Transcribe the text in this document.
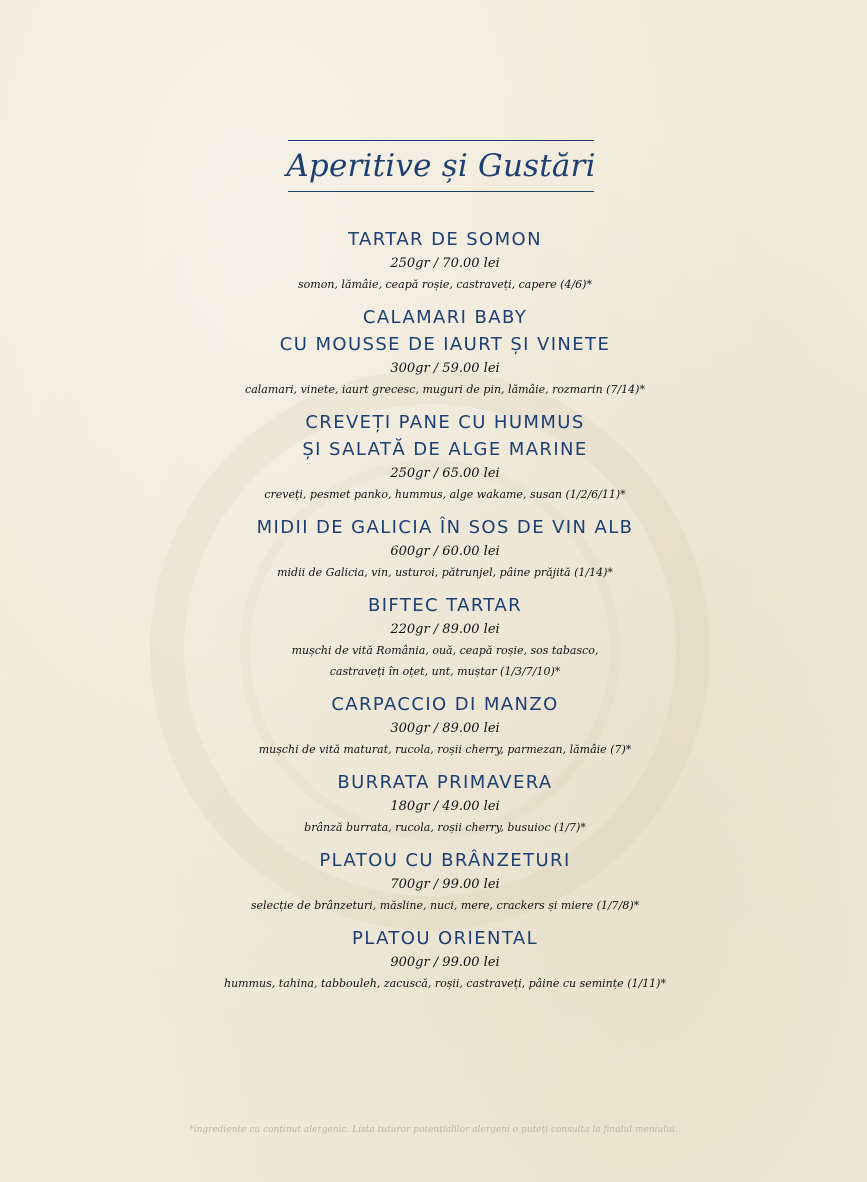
Aperitive și Gustări
TARTAR DE SOMON
250gr / 70.00 lei
somon, lămâie, ceapă roșie, castraveți, capere (4/6)*
CALAMARI BABY
CU MOUSSE DE IAURT ȘI VINETE
300gr / 59.00 lei
calamari, vinete, iaurt grecesc, muguri de pin, lămâie, rozmarin (7/14)*
CREVEȚI PANE CU HUMMUS
ȘI SALATĂ DE ALGE MARINE
250gr / 65.00 lei
creveți, pesmet panko, hummus, alge wakame, susan (1/2/6/11)*
MIDII DE GALICIA ÎN SOS DE VIN ALB
600gr / 60.00 lei
midii de Galicia, vin, usturoi, pătrunjel, pâine prăjită (1/14)*
BIFTEC TARTAR
220gr / 89.00 lei
mușchi de vită România, ouă, ceapă roșie, sos tabasco,
castraveți în oțet, unt, muștar (1/3/7/10)*
CARPACCIO DI MANZO
300gr / 89.00 lei
mușchi de vită maturat, rucola, roșii cherry, parmezan, lămâie (7)*
BURRATA PRIMAVERA
180gr / 49.00 lei
brânză burrata, rucola, roșii cherry, busuioc (1/7)*
PLATOU CU BRÂNZETURI
700gr / 99.00 lei
selecție de brânzeturi, măsline, nuci, mere, crackers și miere (1/7/8)*
PLATOU ORIENTAL
900gr / 99.00 lei
hummus, tahina, tabbouleh, zacuscă, roșii, castraveți, pâine cu semințe (1/11)*
*ingrediente cu conținut alergenic. Lista tuturor potențialilor alergeni o puteți consulta la finalul meniului.
